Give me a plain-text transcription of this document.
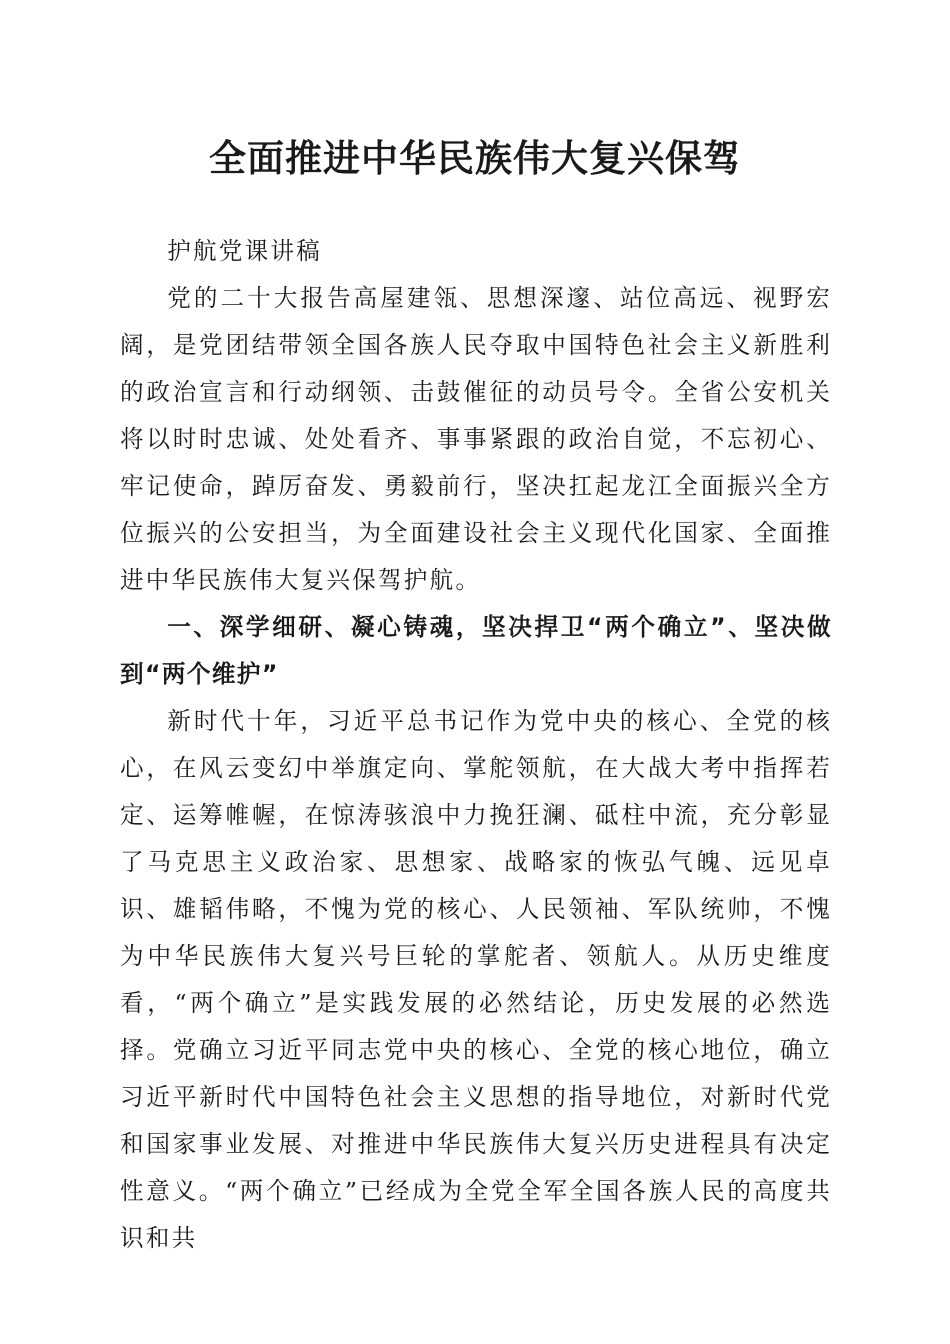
全面推进中华民族伟大复兴保驾

护航党课讲稿

党的二十大报告高屋建瓴、思想深邃、站位高远、视野宏阔，是党团结带领全国各族人民夺取中国特色社会主义新胜利的政治宣言和行动纲领、击鼓催征的动员号令。全省公安机关将以时时忠诚、处处看齐、事事紧跟的政治自觉，不忘初心、牢记使命，踔厉奋发、勇毅前行，坚决扛起龙江全面振兴全方位振兴的公安担当，为全面建设社会主义现代化国家、全面推进中华民族伟大复兴保驾护航。

一、深学细研、凝心铸魂，坚决捍卫“两个确立”、坚决做到“两个维护”

新时代十年，习近平总书记作为党中央的核心、全党的核心，在风云变幻中举旗定向、掌舵领航，在大战大考中指挥若定、运筹帷幄，在惊涛骇浪中力挽狂澜、砥柱中流，充分彰显了马克思主义政治家、思想家、战略家的恢弘气魄、远见卓识、雄韬伟略，不愧为党的核心、人民领袖、军队统帅，不愧为中华民族伟大复兴号巨轮的掌舵者、领航人。从历史维度看，“两个确立”是实践发展的必然结论，历史发展的必然选择。党确立习近平同志党中央的核心、全党的核心地位，确立习近平新时代中国特色社会主义思想的指导地位，对新时代党和国家事业发展、对推进中华民族伟大复兴历史进程具有决定性意义。“两个确立”已经成为全党全军全国各族人民的高度共识和共
